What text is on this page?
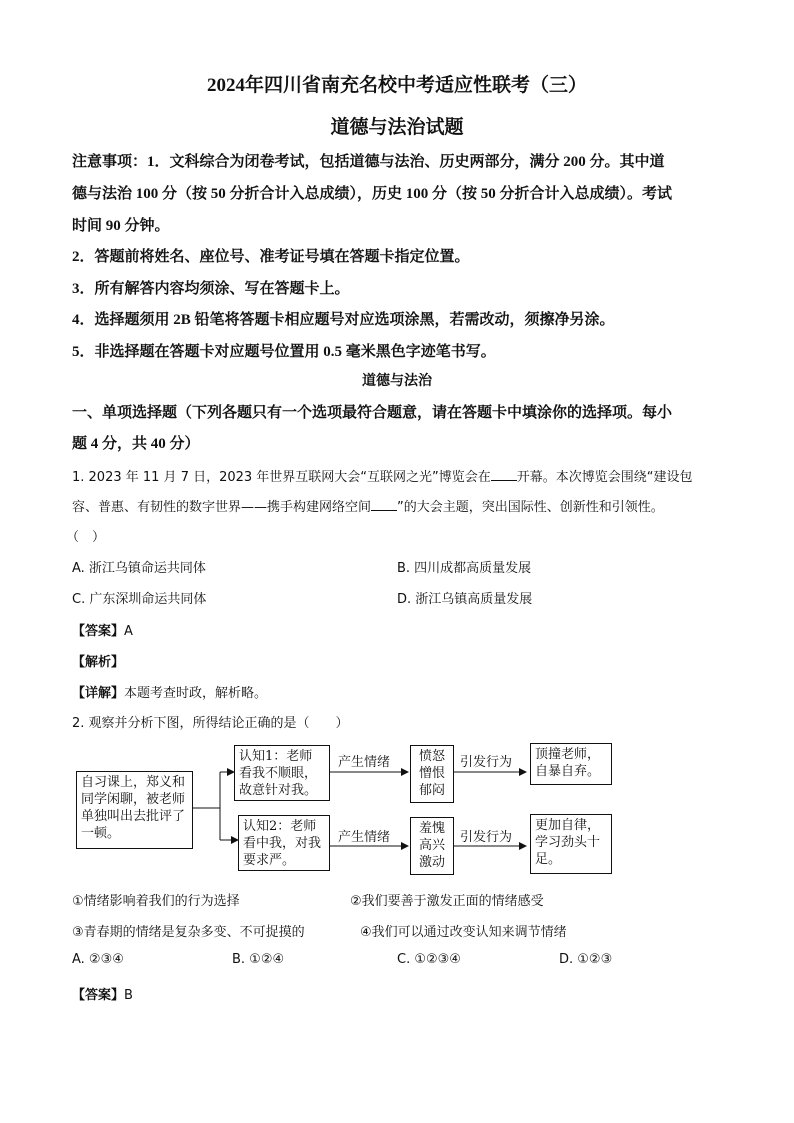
2024年四川省南充名校中考适应性联考（三）
道德与法治试题
注意事项：1．文科综合为闭卷考试，包括道德与法治、历史两部分，满分 200 分。其中道
德与法治 100 分（按 50 分折合计入总成绩），历史 100 分（按 50 分折合计入总成绩）。考试
时间 90 分钟。
2．答题前将姓名、座位号、准考证号填在答题卡指定位置。
3．所有解答内容均须涂、写在答题卡上。
4．选择题须用 2B 铅笔将答题卡相应题号对应选项涂黑，若需改动，须擦净另涂。
5．非选择题在答题卡对应题号位置用 0.5 毫米黑色字迹笔书写。
道德与法治
一、单项选择题（下列各题只有一个选项最符合题意，请在答题卡中填涂你的选择项。每小
题 4 分，共 40 分）
1. 2023 年 11 月 7 日，2023 年世界互联网大会“互联网之光”博览会在 开幕。本次博览会围绕“建设包
容、普惠、有韧性的数字世界——携手构建网络空间 ”的大会主题，突出国际性、创新性和引领性。
（　）
A. 浙江乌镇命运共同体	B. 四川成都高质量发展
C. 广东深圳命运共同体	D. 浙江乌镇高质量发展
【答案】A
【解析】
【详解】本题考查时政，解析略。
2. 观察并分析下图，所得结论正确的是（　　）
自习课上，郑义和同学闲聊，被老师单独叫出去批评了一顿。
认知1：老师看我不顺眼，故意针对我。
认知2：老师看中我，对我要求严。
产生情绪
产生情绪
愤怒憎恨郁闷
羞愧高兴激动
引发行为
引发行为
顶撞老师，自暴自弃。
更加自律，学习劲头十足。
①情绪影响着我们的行为选择	②我们要善于激发正面的情绪感受
③青春期的情绪是复杂多变、不可捉摸的	④我们可以通过改变认知来调节情绪
A. ②③④	B. ①②④	C. ①②③④	D. ①②③
【答案】B
